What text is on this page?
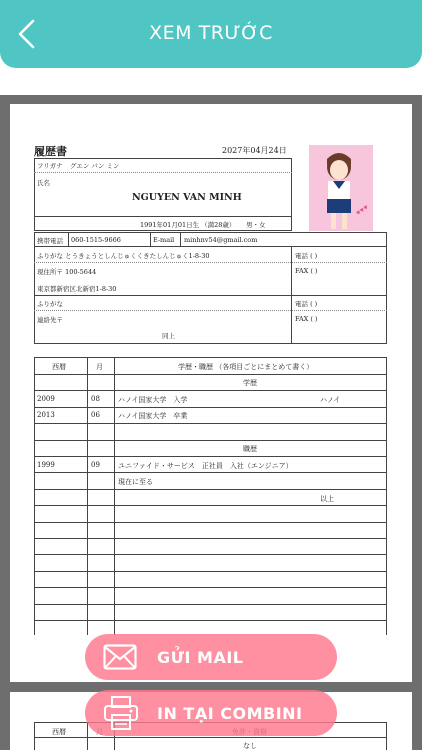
XEM TRƯỚC
履歴書	2027年04月24日
フリガナ グエン バン ミン
氏名
NGUYEN VAN MINH
1991年01月01日生 （満28歳） 男・女
♥♥♥
携帯電話 060-1515-9666	E-mail minhnv54@gmail.com
ふりがな とうきょうとしんじゅくくきたしんじゅく1-8-30	電話 ( )
現住所〒 100-5644	FAX ( )
東京都新宿区北新宿1-8-30
ふりがな	電話 ( )
連絡先〒	FAX ( )
同上
西暦	月	学歴・職歴 （各項目ごとにまとめて書く）
学歴
2009	08	ハノイ国家大学　入学	ハノイ
2013	06	ハノイ国家大学　卒業
職歴
1999	09	ユニファイド・サービス　正社員　入社（エンジニア）
現在に至る
以上
西暦
なし
GỬI MAIL
IN TẠI COMBINI
